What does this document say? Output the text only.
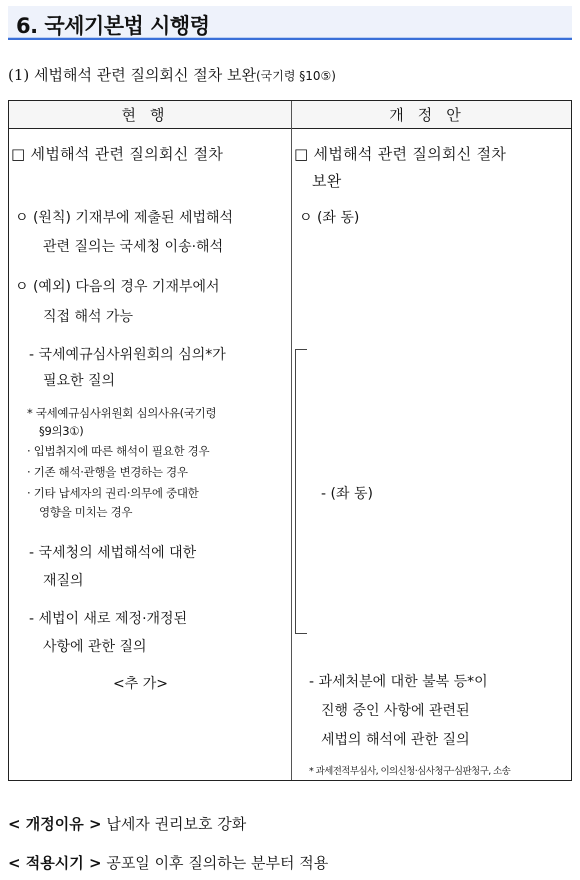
6. 국세기본법 시행령
(1) 세법해석 관련 질의회신 절차 보완(국기령 §10⑤)
현행	개정안
□ 세법해석 관련 질의회신 절차
ㅇ (원칙) 기재부에 제출된 세법해석
관련 질의는 국세청 이송·해석
ㅇ (예외) 다음의 경우 기재부에서
직접 해석 가능
- 국세예규심사위원회의 심의*가
필요한 질의
* 국세예규심사위원회 심의사유(국기령
§9의3①)
· 입법취지에 따른 해석이 필요한 경우
· 기존 해석·관행을 변경하는 경우
· 기타 납세자의 권리·의무에 중대한
영향을 미치는 경우
- 국세청의 세법해석에 대한
재질의
- 세법이 새로 제정·개정된
사항에 관한 질의
<추 가>
□ 세법해석 관련 질의회신 절차
보완
ㅇ (좌 동)
- (좌 동)
- 과세처분에 대한 불복 등*이
진행 중인 사항에 관련된
세법의 해석에 관한 질의
* 과세전적부심사, 이의신청·심사청구·심판청구, 소송
< 개정이유 > 납세자 권리보호 강화
< 적용시기 > 공포일 이후 질의하는 분부터 적용
